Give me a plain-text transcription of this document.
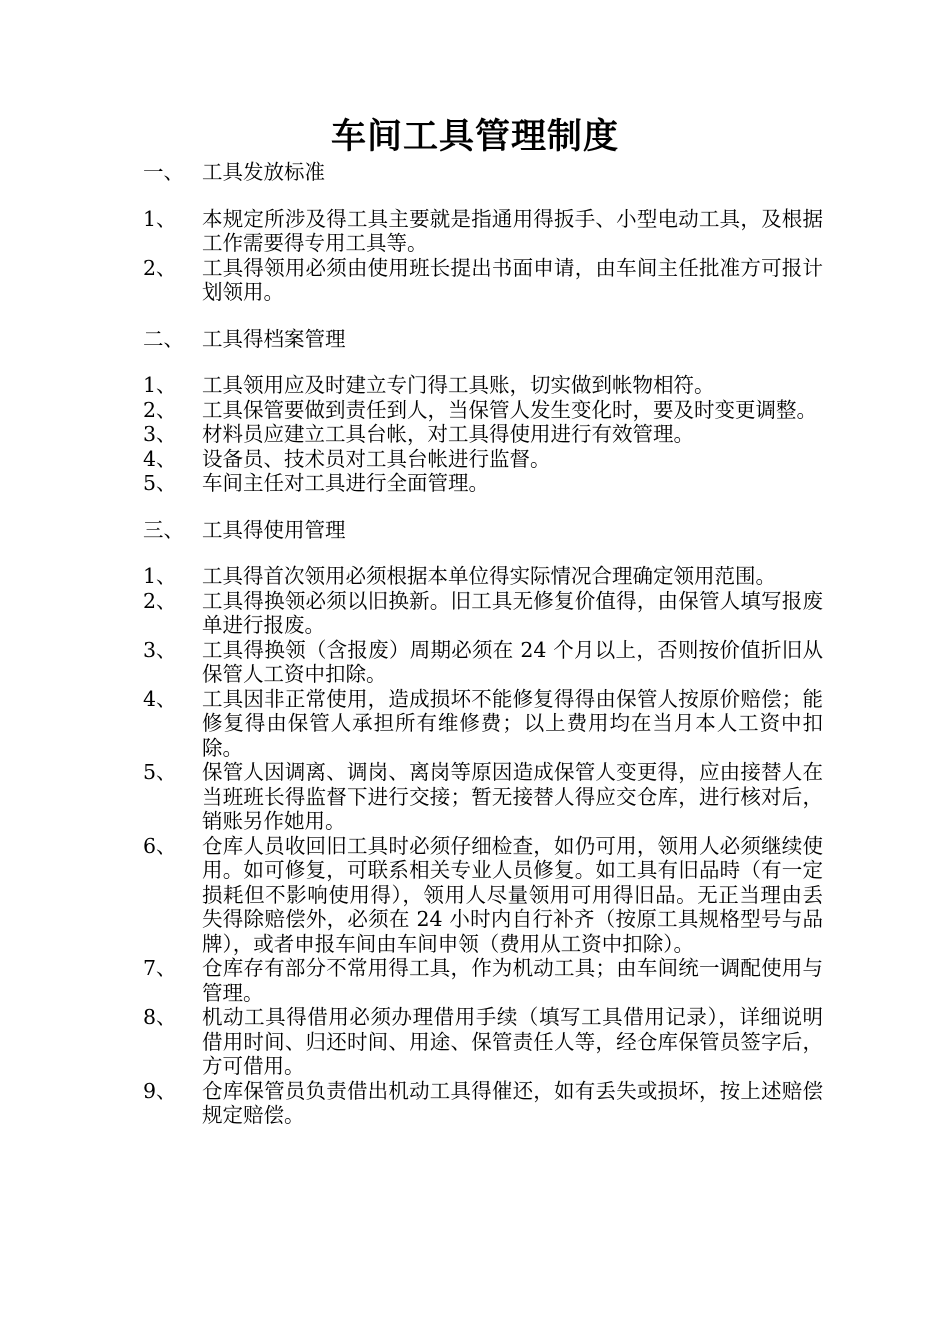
车间工具管理制度
一、 工具发放标准
1、	本规定所涉及得工具主要就是指通用得扳手、小型电动工具，及根据工作需要得专用工具等。
2、	工具得领用必须由使用班长提出书面申请，由车间主任批准方可报计划领用。
二、 工具得档案管理
1、	工具领用应及时建立专门得工具账，切实做到帐物相符。
2、	工具保管要做到责任到人，当保管人发生变化时，要及时变更调整。
3、	材料员应建立工具台帐，对工具得使用进行有效管理。
4、	设备员、技术员对工具台帐进行监督。
5、	车间主任对工具进行全面管理。
三、 工具得使用管理
1、	工具得首次领用必须根据本单位得实际情况合理确定领用范围。
2、	工具得换领必须以旧换新。旧工具无修复价值得，由保管人填写报废单进行报废。
3、	工具得换领（含报废）周期必须在 24 个月以上，否则按价值折旧从保管人工资中扣除。
4、	工具因非正常使用，造成损坏不能修复得得由保管人按原价赔偿；能修复得由保管人承担所有维修费；以上费用均在当月本人工资中扣除。
5、	保管人因调离、调岗、离岗等原因造成保管人变更得，应由接替人在当班班长得监督下进行交接；暂无接替人得应交仓库，进行核对后，销账另作她用。
6、	仓库人员收回旧工具时必须仔细检查，如仍可用，领用人必须继续使用。如可修复，可联系相关专业人员修复。如工具有旧品時（有一定损耗但不影响使用得），领用人尽量领用可用得旧品。无正当理由丢失得除赔偿外，必须在 24 小时内自行补齐（按原工具规格型号与品牌），或者申报车间由车间申领（费用从工资中扣除）。
7、	仓库存有部分不常用得工具，作为机动工具；由车间统一调配使用与管理。
8、	机动工具得借用必须办理借用手续（填写工具借用记录），详细说明借用时间、归还时间、用途、保管责任人等，经仓库保管员签字后，方可借用。
9、	仓库保管员负责借出机动工具得催还，如有丢失或损坏，按上述赔偿规定赔偿。
